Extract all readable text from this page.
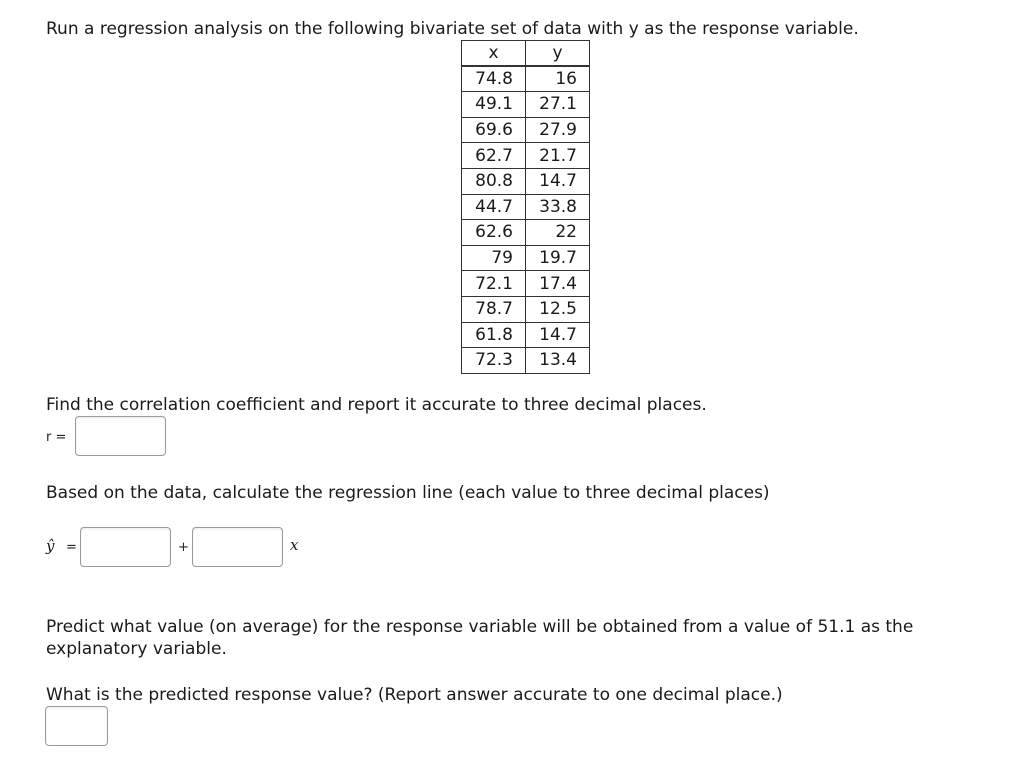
Run a regression analysis on the following bivariate set of data with y as the response variable.
x	y
74.8	16
49.1	27.1
69.6	27.9
62.7	21.7
80.8	14.7
44.7	33.8
62.6	22
79	19.7
72.1	17.4
78.7	12.5
61.8	14.7
72.3	13.4
Find the correlation coefficient and report it accurate to three decimal places.
r =
Based on the data, calculate the regression line (each value to three decimal places)
ŷ =	+	x
Predict what value (on average) for the response variable will be obtained from a value of 51.1 as the explanatory variable.
What is the predicted response value? (Report answer accurate to one decimal place.)
